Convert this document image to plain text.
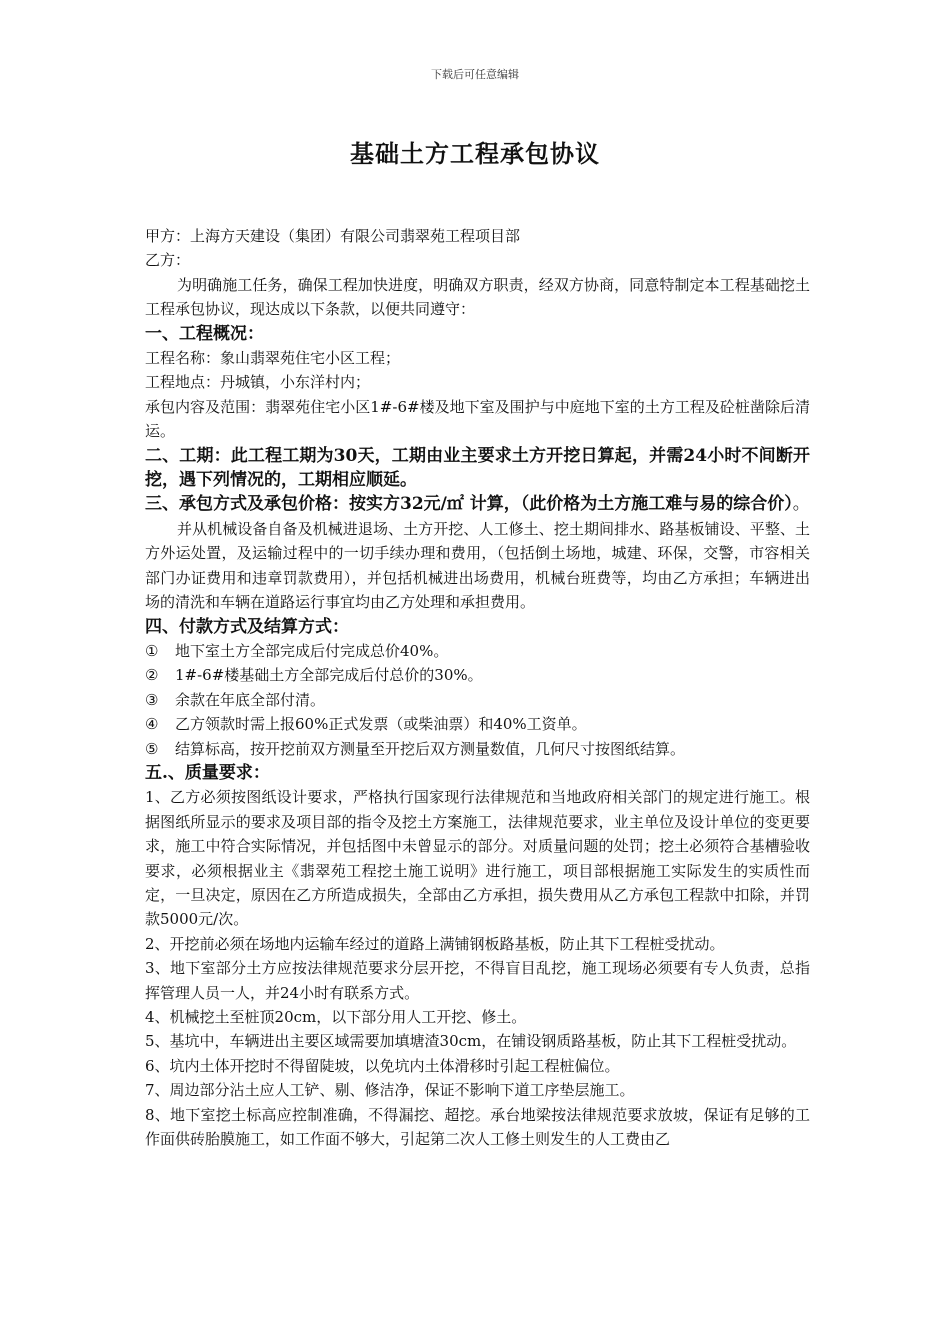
下载后可任意编辑
基础土方工程承包协议

甲方：上海方天建设（集团）有限公司翡翠苑工程项目部

乙方：

为明确施工任务，确保工程加快进度，明确双方职责，经双方协商，同意特制定本工程基础挖土工程承包协议，现达成以下条款，以便共同遵守：

一、工程概况：

工程名称：象山翡翠苑住宅小区工程；

工程地点：丹城镇，小东洋村内；

承包内容及范围：翡翠苑住宅小区1#-6#楼及地下室及围护与中庭地下室的土方工程及砼桩凿除后清运。

二、工期：此工程工期为30天，工期由业主要求土方开挖日算起，并需24小时不间断开挖，遇下列情况的，工期相应顺延。

三、承包方式及承包价格：按实方32元/㎡ 计算，（此价格为土方施工难与易的综合价）。

并从机械设备自备及机械进退场、土方开挖、人工修土、挖土期间排水、路基板铺设、平整、土方外运处置，及运输过程中的一切手续办理和费用，（包括倒土场地，城建、环保，交警，市容相关部门办证费用和违章罚款费用），并包括机械进出场费用，机械台班费等，均由乙方承担；车辆进出场的清洗和车辆在道路运行事宜均由乙方处理和承担费用。

四、付款方式及结算方式：

① 地下室土方全部完成后付完成总价40%。

② 1#-6#楼基础土方全部完成后付总价的30%。

③ 余款在年底全部付清。

④ 乙方领款时需上报60%正式发票（或柴油票）和40%工资单。

⑤ 结算标高，按开挖前双方测量至开挖后双方测量数值，几何尺寸按图纸结算。

五.、质量要求：

1、乙方必须按图纸设计要求，严格执行国家现行法律规范和当地政府相关部门的规定进行施工。根据图纸所显示的要求及项目部的指令及挖土方案施工，法律规范要求，业主单位及设计单位的变更要求，施工中符合实际情况，并包括图中未曾显示的部分。对质量问题的处罚；挖土必须符合基槽验收要求，必须根据业主《翡翠苑工程挖土施工说明》进行施工，项目部根据施工实际发生的实质性而定，一旦决定，原因在乙方所造成损失，全部由乙方承担，损失费用从乙方承包工程款中扣除，并罚款5000元/次。

2、开挖前必须在场地内运输车经过的道路上满铺钢板路基板，防止其下工程桩受扰动。

3、地下室部分土方应按法律规范要求分层开挖，不得盲目乱挖，施工现场必须要有专人负责，总指挥管理人员一人，并24小时有联系方式。

4、机械挖土至桩顶20cm，以下部分用人工开挖、修土。

5、基坑中，车辆进出主要区域需要加填塘渣30cm，在铺设钢质路基板，防止其下工程桩受扰动。

6、坑内土体开挖时不得留陡坡，以免坑内土体滑移时引起工程桩偏位。

7、周边部分沾土应人工铲、剔、修洁净，保证不影响下道工序垫层施工。

8、地下室挖土标高应控制准确，不得漏挖、超挖。承台地梁按法律规范要求放坡，保证有足够的工作面供砖胎膜施工，如工作面不够大，引起第二次人工修土则发生的人工费由乙
